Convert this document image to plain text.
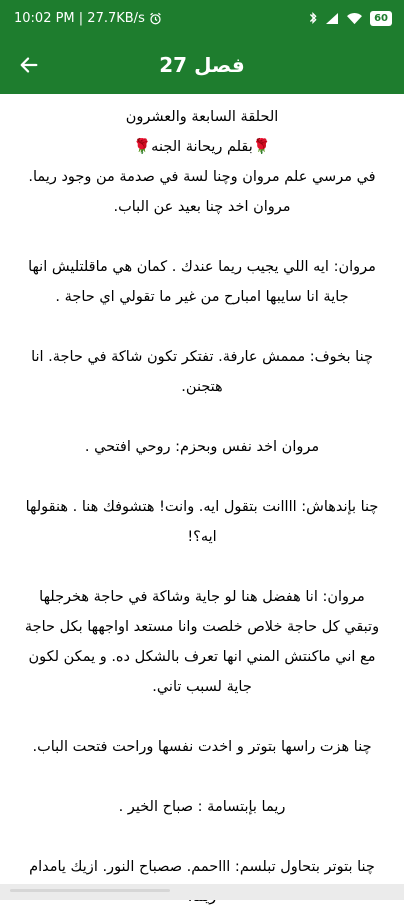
10:02 PM | 27.7KB/s	60
فصل 27

الحلقة السابعة والعشرون

🌹بقلم ريحانة الجنه🌹

في مرسي علم مروان وچنا لسة في صدمة من وجود ريما. مروان اخد چنا بعيد عن الباب.

مروان: ايه اللي يجيب ريما عندك . كمان هي ماقلتليش انها جاية انا سايبها امبارح من غير ما تقولي اي حاجة .

چنا بخوف: مممش عارفة. تفتكر تكون شاكة في حاجة. انا هتجنن.

مروان اخد نفس وبحزم: روحي افتحي .

چنا بإندهاش: اااانت بتقول ايه. وانت! هتشوفك هنا . هنقولها ايه؟!

مروان: انا هفضل هنا لو جاية وشاكة في حاجة هخرجلها وتبقي كل حاجة خلاص خلصت وانا مستعد اواجهها بكل حاجة مع اني ماكنتش المني انها تعرف بالشكل ده. و يمكن لكون جاية لسبب تاني.

چنا هزت راسها بتوتر و اخدت نفسها وراحت فتحت الباب.

ريما بإبتسامة : صباح الخير .

چنا بتوتر بتحاول تبلسم: اااحمم. صصباح النور. ازيك يامدام
